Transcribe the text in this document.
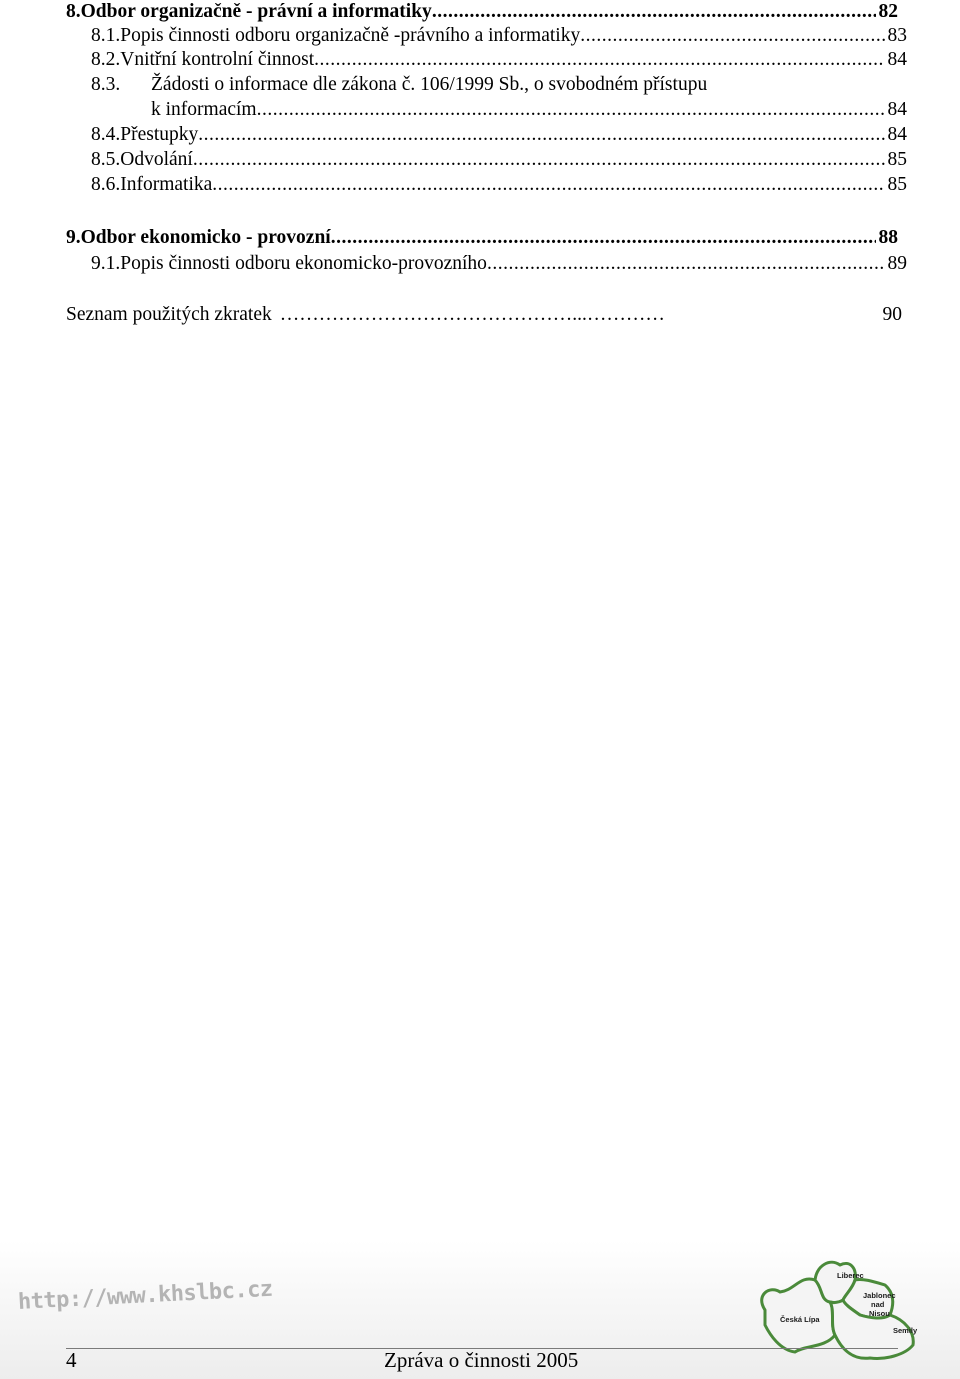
8. Odbor organizačně - právní a informatiky .....	82
8.1. Popis činnosti odboru organizačně -právního a informatiky .....	83
8.2. Vnitřní kontrolní činnost .....	84
8.3.	Žádosti o informace dle zákona č. 106/1999 Sb., o svobodném přístupu
k informacím .....	84
8.4. Přestupky .....	84
8.5. Odvolání .....	85
8.6. Informatika .....	85
9. Odbor ekonomicko - provozní .....	88
9.1. Popis činnosti odboru ekonomicko-provozního .....	89
Seznam použitých zkratek ………………………………………...…………	90
http://www.khslbc.cz
Liberec
Česká Lípa
Jablonec
nad
Nisou
Semily
4	Zpráva o činnosti 2005
